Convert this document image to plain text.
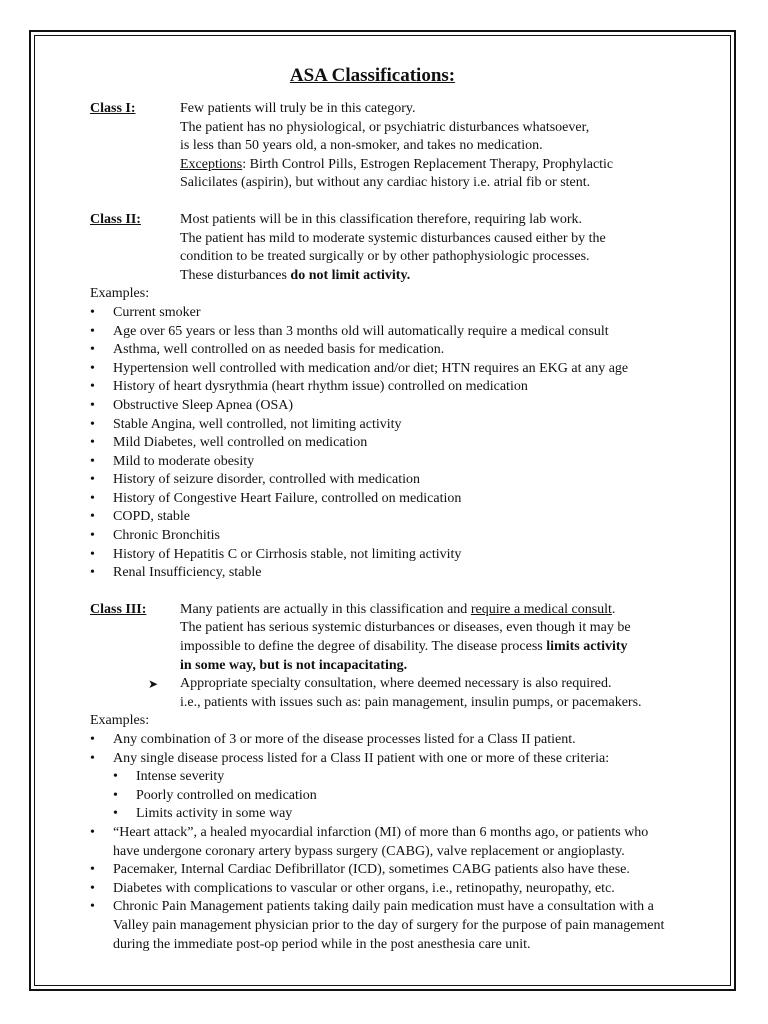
ASA Classifications:
Class I:	Few patients will truly be in this category.
The patient has no physiological, or psychiatric disturbances whatsoever,
is less than 50 years old, a non-smoker, and takes no medication.
Exceptions: Birth Control Pills, Estrogen Replacement Therapy, Prophylactic
Salicilates (aspirin), but without any cardiac history i.e. atrial fib or stent.
Class II:	Most patients will be in this classification therefore, requiring lab work.
The patient has mild to moderate systemic disturbances caused either by the
condition to be treated surgically or by other pathophysiologic processes.
These disturbances do not limit activity.
Examples:
• Current smoker
• Age over 65 years or less than 3 months old will automatically require a medical consult
• Asthma, well controlled on as needed basis for medication.
• Hypertension well controlled with medication and/or diet; HTN requires an EKG at any age
• History of heart dysrythmia (heart rhythm issue) controlled on medication
• Obstructive Sleep Apnea (OSA)
• Stable Angina, well controlled, not limiting activity
• Mild Diabetes, well controlled on medication
• Mild to moderate obesity
• History of seizure disorder, controlled with medication
• History of Congestive Heart Failure, controlled on medication
• COPD, stable
• Chronic Bronchitis
• History of Hepatitis C or Cirrhosis stable, not limiting activity
• Renal Insufficiency, stable
Class III:	Many patients are actually in this classification and require a medical consult.
The patient has serious systemic disturbances or diseases, even though it may be
impossible to define the degree of disability. The disease process limits activity
in some way, but is not incapacitating.
➤	Appropriate specialty consultation, where deemed necessary is also required.
i.e., patients with issues such as: pain management, insulin pumps, or pacemakers.
Examples:
• Any combination of 3 or more of the disease processes listed for a Class II patient.
• Any single disease process listed for a Class II patient with one or more of these criteria:
• Intense severity
• Poorly controlled on medication
• Limits activity in some way
• “Heart attack”, a healed myocardial infarction (MI) of more than 6 months ago, or patients who have undergone coronary artery bypass surgery (CABG), valve replacement or angioplasty.
• Pacemaker, Internal Cardiac Defibrillator (ICD), sometimes CABG patients also have these.
• Diabetes with complications to vascular or other organs, i.e., retinopathy, neuropathy, etc.
• Chronic Pain Management patients taking daily pain medication must have a consultation with a Valley pain management physician prior to the day of surgery for the purpose of pain management during the immediate post-op period while in the post anesthesia care unit.
